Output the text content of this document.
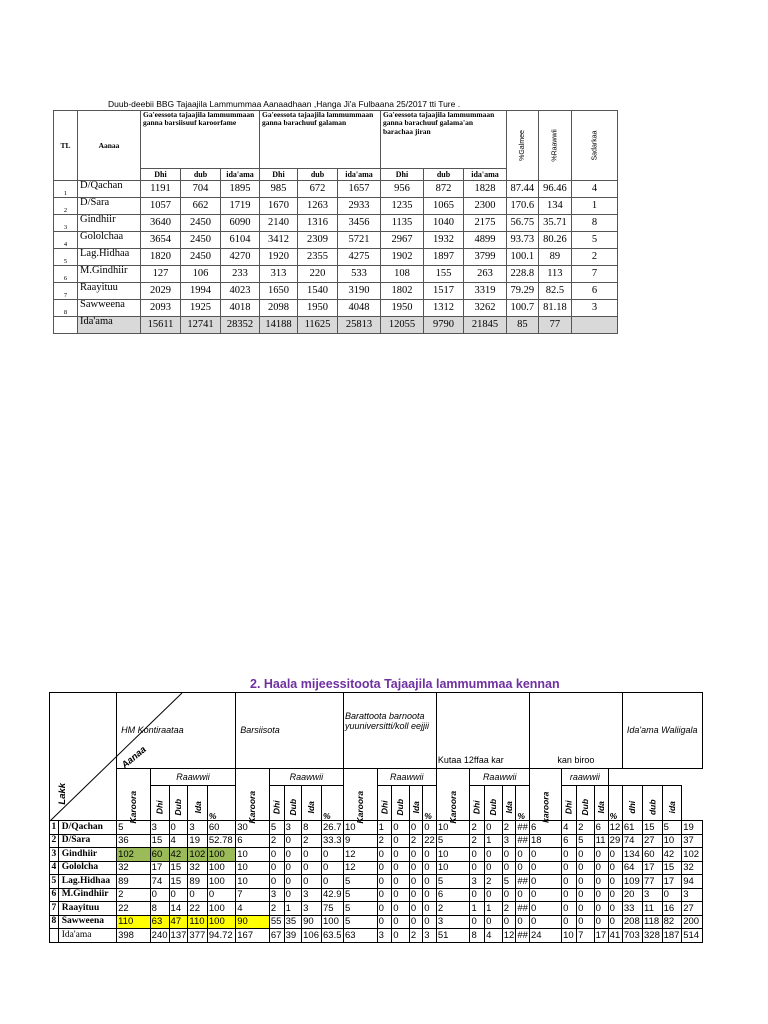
Duub-deebii BBG Tajaajila Lammummaa Aanaadhaan ,Hanga Ji'a Fulbaana 25/2017 tti Ture .
TL	Aanaa	Ga'eessota tajaajila lammummaan ganna barsiisuuf karoorfame			Ga'eessota tajaajila lammummaan ganna barachuuf galaman			Ga'eessota tajaajila lammummaan ganna barachuuf galama'an barachaa jiran			%Galmee	%Raawwii	Sadarkaa
		Dhi	dub	ida'ama	Dhi	dub	ida'ama	Dhi	dub	ida'ama			
1	D/Qachan	1191	704	1895	985	672	1657	956	872	1828	87.44	96.46	4
2	D/Sara	1057	662	1719	1670	1263	2933	1235	1065	2300	170.6	134	1
3	Gindhiir	3640	2450	6090	2140	1316	3456	1135	1040	2175	56.75	35.71	8
4	Gololchaa	3654	2450	6104	3412	2309	5721	2967	1932	4899	93.73	80.26	5
5	Lag.Hidhaa	1820	2450	4270	1920	2355	4275	1902	1897	3799	100.1	89	2
6	M.Gindhiir	127	106	233	313	220	533	108	155	263	228.8	113	7
7	Raayituu	2029	1994	4023	1650	1540	3190	1802	1517	3319	79.29	82.5	6
8	Sawweena	2093	1925	4018	2098	1950	4048	1950	1312	3262	100.7	81.18	3
	Ida'ama	15611	12741	28352	14188	11625	25813	12055	9790	21845	85	77	
2. Haala mijeessitoota Tajaajila lammummaa kennan
Lakk
Aanaa		HM Kontiraataa					Barsiisota					Barattoota barnoota yuuniversitti/koll eejjii					Kutaa 12ffaa kar					kan biroo					Ida'ama Waliigala			
		Karoora	Raawwii				Karoora	Raawwii				Karoora	Raawwii				Karoora	Raawwii				karoora	raawwii							
			Dhi	Dub	Ida	%		Dhi	Dub	Ida	%		Dhi	Dub	Ida	%		Dhi	Dub	Ida	%		Dhi	Dub	Ida	%	dhi	dub	ida	
1	D/Qachan	5	3	0	3	60	30	5	3	8	26.7	10	1	0	0	0	10	2	0	2	##	6	4	2	6	12	61	15	5	19
2	D/Sara	36	15	4	19	52.78	6	2	0	2	33.3	9	2	0	2	22	5	2	1	3	##	18	6	5	11	29	74	27	10	37
3	Gindhiir	102	60	42	102	100	10	0	0	0	0	12	0	0	0	0	10	0	0	0	0	0	0	0	0	0	134	60	42	102
4	Gololcha	32	17	15	32	100	10	0	0	0	0	12	0	0	0	0	10	0	0	0	0	0	0	0	0	0	64	17	15	32
5	Lag.Hidhaa	89	74	15	89	100	10	0	0	0	0	5	0	0	0	0	5	3	2	5	##	0	0	0	0	0	109	77	17	94
6	M.Gindhiir	2	0	0	0	0	7	3	0	3	42.9	5	0	0	0	0	6	0	0	0	0	0	0	0	0	0	20	3	0	3
7	Raayituu	22	8	14	22	100	4	2	1	3	75	5	0	0	0	0	2	1	1	2	##	0	0	0	0	0	33	11	16	27
8	Sawweena	110	63	47	110	100	90	55	35	90	100	5	0	0	0	0	3	0	0	0	0	0	0	0	0	0	208	118	82	200
	Ida'ama	398	240	137	377	94.72	167	67	39	106	63.5	63	3	0	2	3	51	8	4	12	##	24	10	7	17	41	703	328	187	514
